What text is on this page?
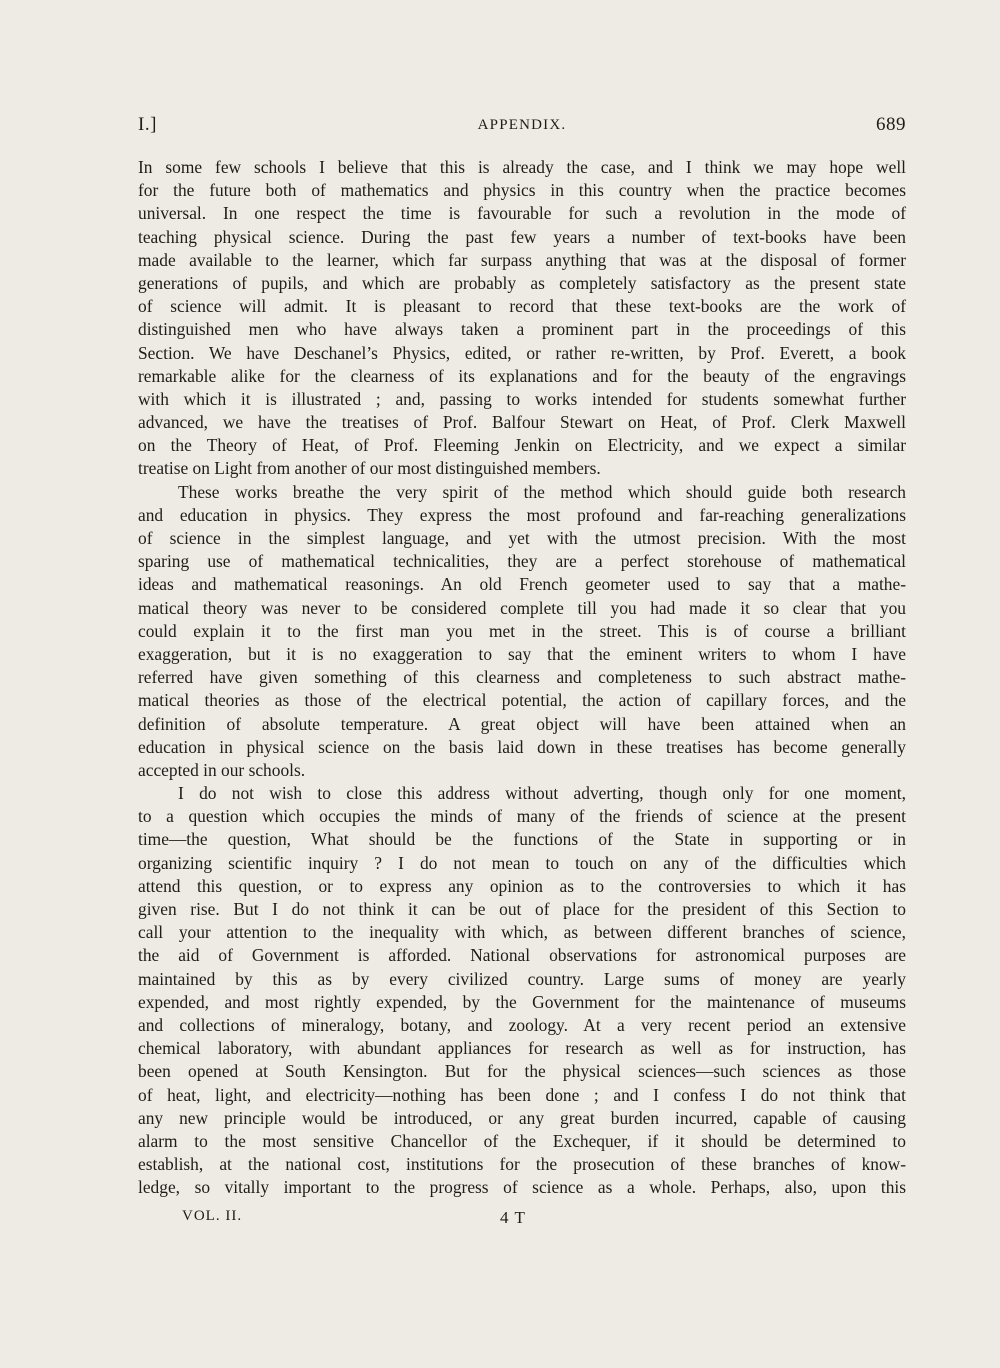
I.]	APPENDIX.	689
In some few schools I believe that this is already the case, and I think we may hope well
for the future both of mathematics and physics in this country when the practice becomes
universal. In one respect the time is favourable for such a revolution in the mode of
teaching physical science. During the past few years a number of text-books have been
made available to the learner, which far surpass anything that was at the disposal of former
generations of pupils, and which are probably as completely satisfactory as the present state
of science will admit. It is pleasant to record that these text-books are the work of
distinguished men who have always taken a prominent part in the proceedings of this
Section. We have Deschanel’s Physics, edited, or rather re-written, by Prof. Everett, a book
remarkable alike for the clearness of its explanations and for the beauty of the engravings
with which it is illustrated ; and, passing to works intended for students somewhat further
advanced, we have the treatises of Prof. Balfour Stewart on Heat, of Prof. Clerk Maxwell
on the Theory of Heat, of Prof. Fleeming Jenkin on Electricity, and we expect a similar
treatise on Light from another of our most distinguished members.
These works breathe the very spirit of the method which should guide both research
and education in physics. They express the most profound and far-reaching generalizations
of science in the simplest language, and yet with the utmost precision. With the most
sparing use of mathematical technicalities, they are a perfect storehouse of mathematical
ideas and mathematical reasonings. An old French geometer used to say that a mathe-
matical theory was never to be considered complete till you had made it so clear that you
could explain it to the first man you met in the street. This is of course a brilliant
exaggeration, but it is no exaggeration to say that the eminent writers to whom I have
referred have given something of this clearness and completeness to such abstract mathe-
matical theories as those of the electrical potential, the action of capillary forces, and the
definition of absolute temperature. A great object will have been attained when an
education in physical science on the basis laid down in these treatises has become generally
accepted in our schools.
I do not wish to close this address without adverting, though only for one moment,
to a question which occupies the minds of many of the friends of science at the present
time—the question, What should be the functions of the State in supporting or in
organizing scientific inquiry ? I do not mean to touch on any of the difficulties which
attend this question, or to express any opinion as to the controversies to which it has
given rise. But I do not think it can be out of place for the president of this Section to
call your attention to the inequality with which, as between different branches of science,
the aid of Government is afforded. National observations for astronomical purposes are
maintained by this as by every civilized country. Large sums of money are yearly
expended, and most rightly expended, by the Government for the maintenance of museums
and collections of mineralogy, botany, and zoology. At a very recent period an extensive
chemical laboratory, with abundant appliances for research as well as for instruction, has
been opened at South Kensington. But for the physical sciences—such sciences as those
of heat, light, and electricity—nothing has been done ; and I confess I do not think that
any new principle would be introduced, or any great burden incurred, capable of causing
alarm to the most sensitive Chancellor of the Exchequer, if it should be determined to
establish, at the national cost, institutions for the prosecution of these branches of know-
ledge, so vitally important to the progress of science as a whole. Perhaps, also, upon this
VOL. II.	4 T
